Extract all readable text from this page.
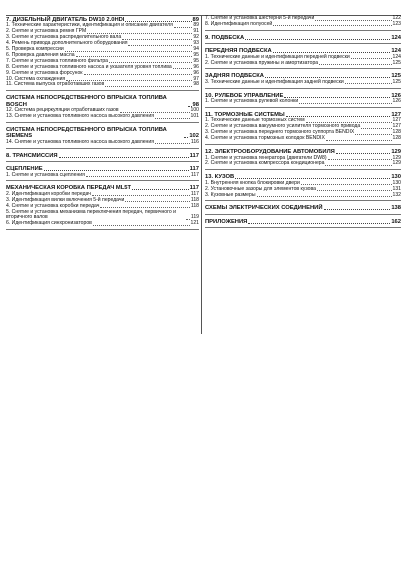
7. ДИЗЕЛЬНЫЙ ДВИГАТЕЛЬ DW10 2.0HDI	89
1. Технические характеристики, идентификация и описание двигателя	89
2. Снятие и установка ремня ГРМ	91
3. Снятие и установка распределительного вала	92
4. Ремень привода дополнительного оборудования	93
5. Проверка компрессии	94
6. Проверка давления масла	95
7. Снятие и установка топливного фильтра	95
8. Снятие и установка топливного насоса и указателя уровня топлива	96
9. Снятие и установка форсунок	96
10. Система охлаждения	97
11. Система выпуска отработавших газов	98
СИСТЕМА НЕПОСРЕДСТВЕННОГО ВПРЫСКА ТОПЛИВА BOSCH	98
12. Система рециркуляции отработавших газов	100
13. Снятие и установка топливного насоса высокого давления	101
СИСТЕМА НЕПОСРЕДСТВЕННОГО ВПРЫСКА ТОПЛИВА SIEMENS	102
14. Снятие и установка топливного насоса высокого давления	116
8. ТРАНСМИССИЯ	117
СЦЕПЛЕНИЕ	117
1. Снятие и установка сцепления	117
МЕХАНИЧЕСКАЯ КОРОБКА ПЕРЕДАЧ ML5T	117
2. Идентификация коробки передач	117
3. Идентификация вилки включения 5-й передачи	118
4. Снятие и установка коробки передач	118
5. Снятие и установка механизма переключения передач, первичного и вторичного валов	119
6. Идентификация синхронизаторов	121
7. Снятие и установка шестерни 5-й передачи	122
8. Идентификация полуосей	123
9. ПОДВЕСКА	124
ПЕРЕДНЯЯ ПОДВЕСКА	124
1. Технические данные и идентификация передней подвески	124
2. Снятие и установка пружины и амортизатора	125
ЗАДНЯЯ ПОДВЕСКА	125
3. Технические данные и идентификация задней подвески	125
10. РУЛЕВОЕ УПРАВЛЕНИЕ	126
1. Снятие и установка рулевой колонки	126
11. ТОРМОЗНЫЕ СИСТЕМЫ	127
1. Технические данные тормозных систем	127
2. Снятие и установка вакуумного усилителя тормозного привода	127
3. Снятие и установка переднего тормозного суппорта BENDIX	128
4. Снятие и установка тормозных колодок BENDIX	128
12. ЭЛЕКТРООБОРУДОВАНИЕ АВТОМОБИЛЯ	129
1. Снятие и установка генератора (двигатели DW8)	129
2. Снятие и установка компрессора кондиционера	129
13. КУЗОВ	130
1. Внутренняя кнопка блокировки двери	130
2. Установочные зазоры для элементов кузова	131
3. Кузовные размеры	132
СХЕМЫ ЭЛЕКТРИЧЕСКИХ СОЕДИНЕНИЙ	138
ПРИЛОЖЕНИЯ	162
